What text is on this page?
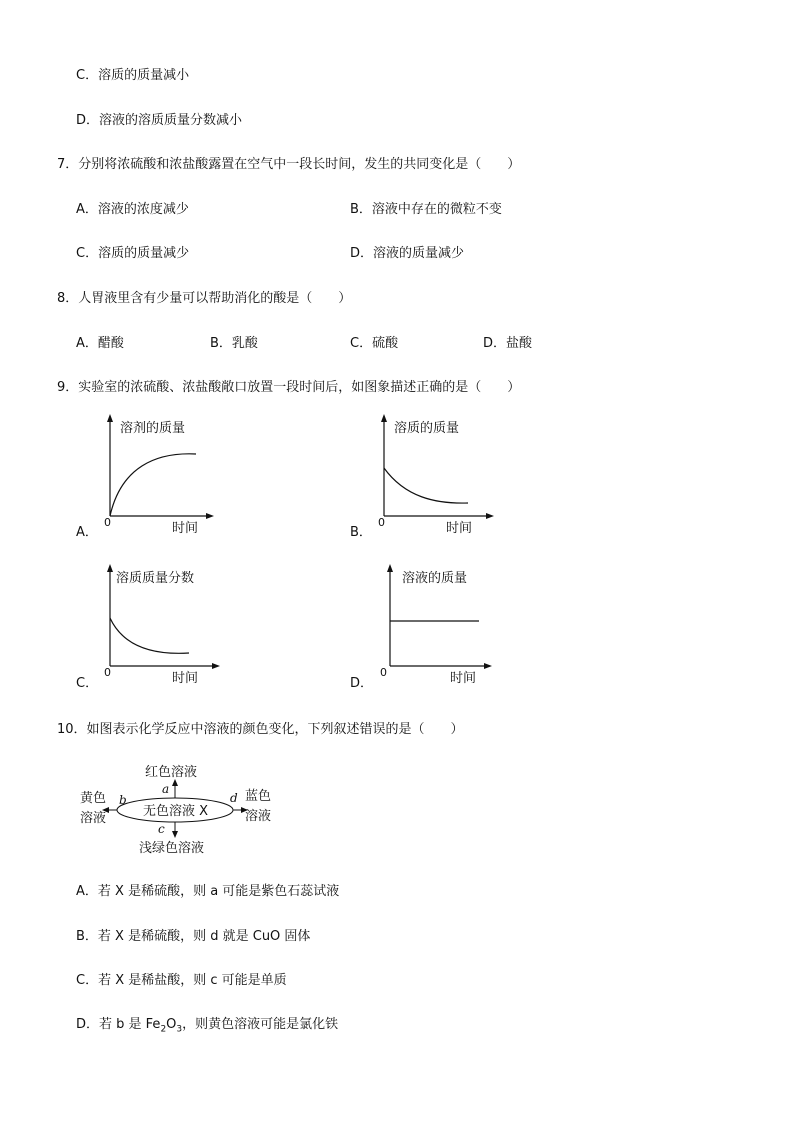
C．溶质的质量减小
D．溶液的溶质质量分数减小
7．分别将浓硫酸和浓盐酸露置在空气中一段长时间，发生的共同变化是（　　）
A．溶液的浓度减少	B．溶液中存在的微粒不变
C．溶质的质量减少	D．溶液的质量减少
8．人胃液里含有少量可以帮助消化的酸是（　　）
A．醋酸	B．乳酸	C．硫酸	D．盐酸
9．实验室的浓硫酸、浓盐酸敞口放置一段时间后，如图象描述正确的是（　　）
溶剂的质量
时间
0
A．
溶质的质量
时间
0
B．
溶质质量分数
时间
0
C．
溶液的质量
时间
0
D．
10．如图表示化学反应中溶液的颜色变化，下列叙述错误的是（　　）
无色溶液 X
红色溶液
a
浅绿色溶液
c
黄色
溶液
b	蓝色
溶液
d
A．若 X 是稀硫酸，则 a 可能是紫色石蕊试液
B．若 X 是稀硫酸，则 d 就是 CuO 固体
C．若 X 是稀盐酸，则 c 可能是单质
D．若 b 是 $Fe_2O_3$，则黄色溶液可能是氯化铁
